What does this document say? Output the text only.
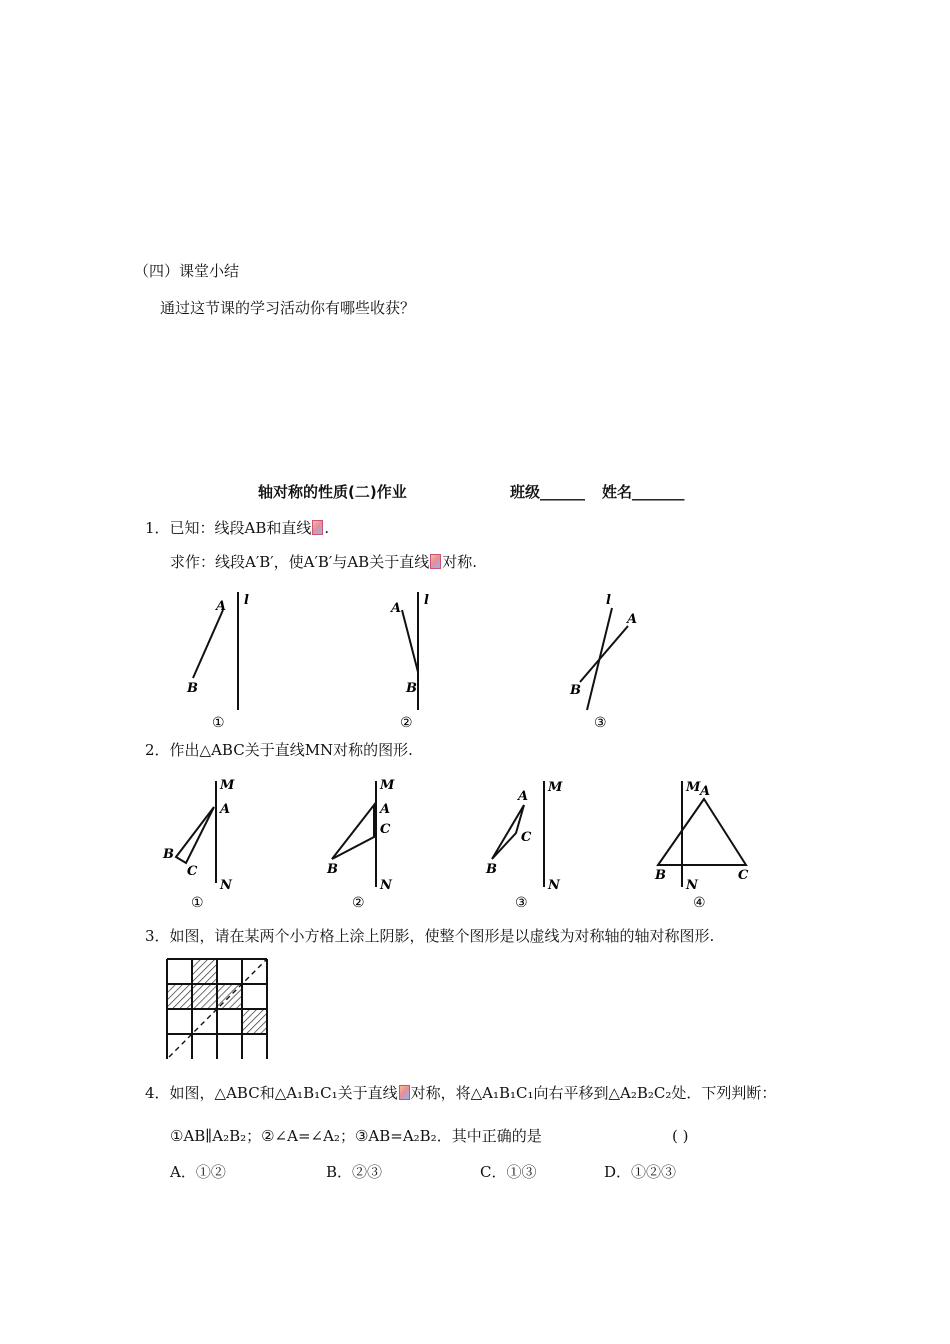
（四）课堂小结
通过这节课的学习活动你有哪些收获？
轴对称的性质(二)作业	班级______ 姓名_______
1．已知：线段AB和直线 .
求作：线段A′B′，使A′B′与AB关于直线 对称.
l
A
B
①
l
A
B
②
l
A
B
③
2．作出△ABC关于直线MN对称的图形.
M
A
B
C
N
①
M
A
C
B
N
②
M
A
C
B
N
③
M A
B	C
N
④
3．如图，请在某两个小方格上涂上阴影，使整个图形是以虚线为对称轴的轴对称图形.
4．如图，△ABC和△A₁B₁C₁关于直线 对称，将△A₁B₁C₁向右平移到△A₂B₂C₂处．下列判断：
①AB∥A₂B₂；②∠A=∠A₂；③AB=A₂B₂．其中正确的是	( )
A．①②	B．②③	C．①③	D．①②③
